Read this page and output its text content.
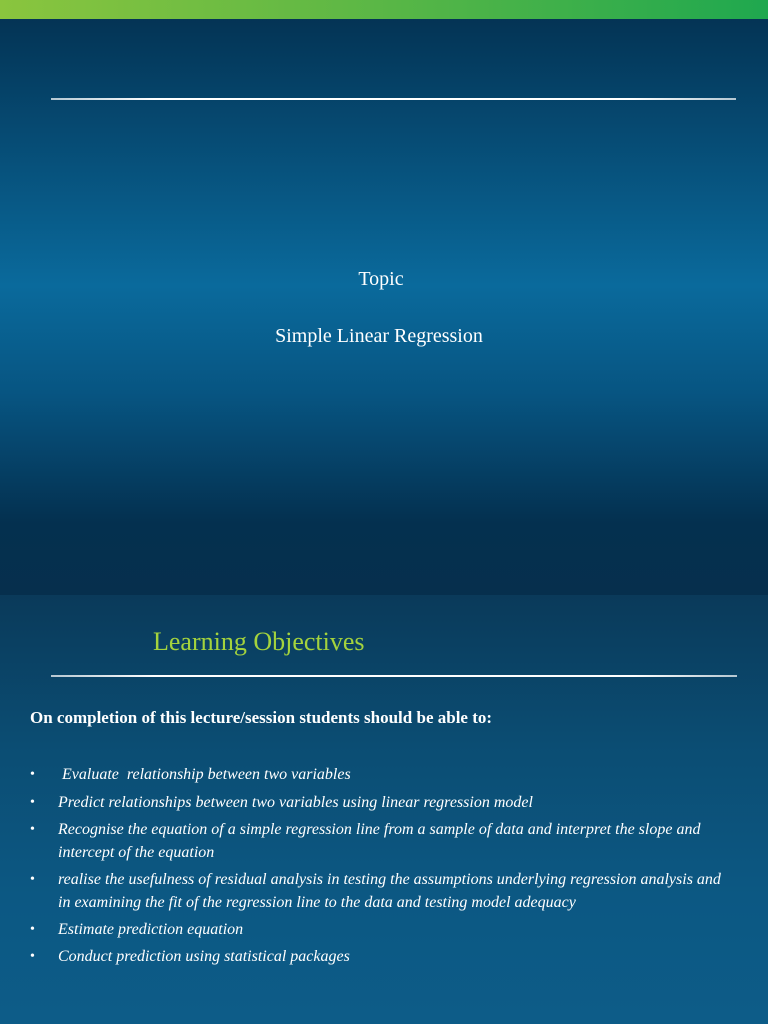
Topic
Simple Linear Regression
Learning Objectives
On completion of this lecture/session students should be able to:
• Evaluate  relationship between two variables
• Predict relationships between two variables using linear regression model
• Recognise the equation of a simple regression line from a sample of data and interpret the slope and intercept of the equation
• realise the usefulness of residual analysis in testing the assumptions underlying regression analysis and in examining the fit of the regression line to the data and testing model adequacy
• Estimate prediction equation
• Conduct prediction using statistical packages
